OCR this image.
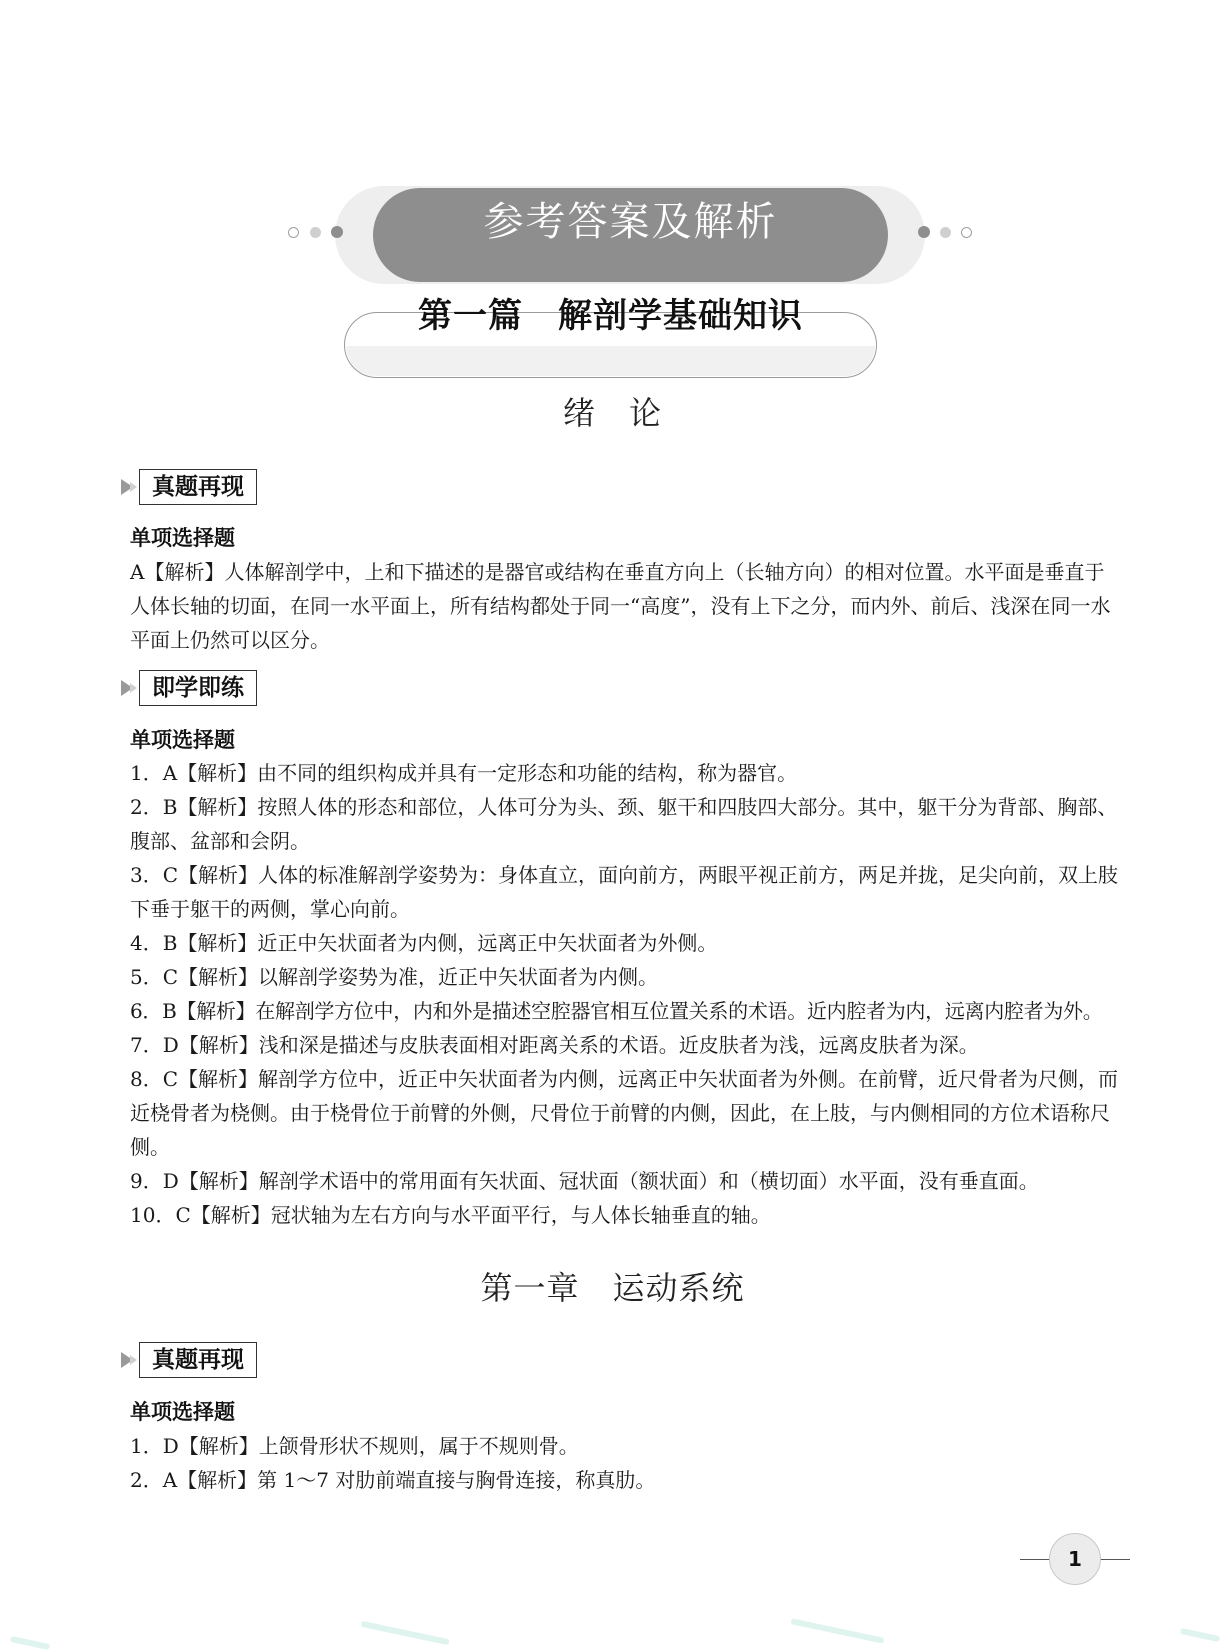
参考答案及解析
第一篇　解剖学基础知识
绪　论
真题再现
单项选择题
A【解析】人体解剖学中，上和下描述的是器官或结构在垂直方向上（长轴方向）的相对位置。水平面是垂直于人体长轴的切面，在同一水平面上，所有结构都处于同一“高度”，没有上下之分，而内外、前后、浅深在同一水平面上仍然可以区分。
即学即练
单项选择题
1．A【解析】由不同的组织构成并具有一定形态和功能的结构，称为器官。
2．B【解析】按照人体的形态和部位，人体可分为头、颈、躯干和四肢四大部分。其中，躯干分为背部、胸部、腹部、盆部和会阴。
3．C【解析】人体的标准解剖学姿势为：身体直立，面向前方，两眼平视正前方，两足并拢，足尖向前，双上肢下垂于躯干的两侧，掌心向前。
4．B【解析】近正中矢状面者为内侧，远离正中矢状面者为外侧。
5．C【解析】以解剖学姿势为准，近正中矢状面者为内侧。
6．B【解析】在解剖学方位中，内和外是描述空腔器官相互位置关系的术语。近内腔者为内，远离内腔者为外。
7．D【解析】浅和深是描述与皮肤表面相对距离关系的术语。近皮肤者为浅，远离皮肤者为深。
8．C【解析】解剖学方位中，近正中矢状面者为内侧，远离正中矢状面者为外侧。在前臂，近尺骨者为尺侧，而近桡骨者为桡侧。由于桡骨位于前臂的外侧，尺骨位于前臂的内侧，因此，在上肢，与内侧相同的方位术语称尺侧。
9．D【解析】解剖学术语中的常用面有矢状面、冠状面（额状面）和（横切面）水平面，没有垂直面。
10．C【解析】冠状轴为左右方向与水平面平行，与人体长轴垂直的轴。
第一章　运动系统
真题再现
单项选择题
1．D【解析】上颌骨形状不规则，属于不规则骨。
2．A【解析】第 1～7 对肋前端直接与胸骨连接，称真肋。
1
